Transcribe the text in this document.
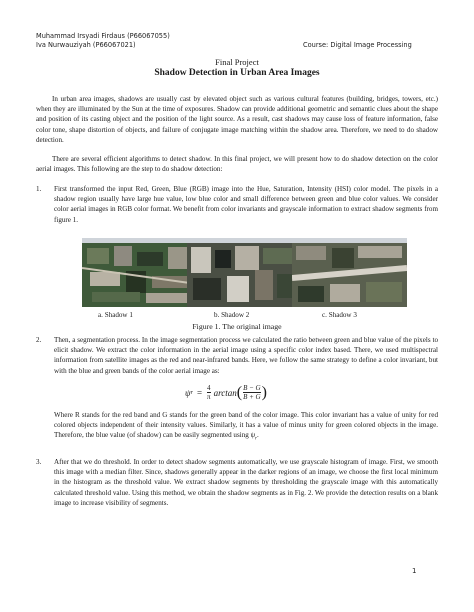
Muhammad Irsyadi Firdaus (P66067055)
Iva Nurwauziyah (P66067021)	Course: Digital Image Processing
Final Project
Shadow Detection in Urban Area Images
In urban area images, shadows are usually cast by elevated object such as various cultural features (building, bridges, towers, etc.) when they are illuminated by the Sun at the time of exposures. Shadow can provide additional geometric and semantic clues about the shape and position of its casting object and the position of the light source. As a result, cast shadows may cause loss of feature information, false color tone, shape distortion of objects, and failure of conjugate image matching within the shadow area. Therefore, we need to do shadow detection.
There are several efficient algorithms to detect shadow. In this final project, we will present how to do shadow detection on the color aerial images. This following are the step to do shadow detection:
1. First transformed the input Red, Green, Blue (RGB) image into the Hue, Saturation, Intensity (HSI) color model. The pixels in a shadow region usually have large hue value, low blue color and small difference between green and blue color values. We consider color aerial images in RGB color format. We benefit from color invariants and grayscale information to extract shadow segments from figure 1.
a. Shadow 1	b. Shadow 2	c. Shadow 3
Figure 1. The original image
2. Then, a segmentation process. In the image segmentation process we calculated the ratio between green and blue value of the pixels to elicit shadow. We extract the color information in the aerial image using a specific color index based. There, we used multispectral information from satellite images as the red and near-infrared bands. Here, we follow the same strategy to define a color invariant, but with the blue and green bands of the color aerial image as:
ψ $r = \frac{4}{\pi}$ arctan ( $\frac{B - G}{B + G}$ )
Where R stands for the red band and G stands for the green band of the color image. This color invariant has a value of unity for red colored objects independent of their intensity values. Similarly, it has a value of minus unity for green colored objects in the image. Therefore, the blue value (of shadow) can be easily segmented using $\psi_r$.
3. After that we do threshold. In order to detect shadow segments automatically, we use grayscale histogram of image. First, we smooth this image with a median filter. Since, shadows generally appear in the darker regions of an image, we choose the first local minimum in the histogram as the threshold value. We extract shadow segments by thresholding the grayscale image with this automatically calculated threshold value. Using this method, we obtain the shadow segments as in Fig. 2. We provide the detection results on a blank image to increase visibility of segments.
1
